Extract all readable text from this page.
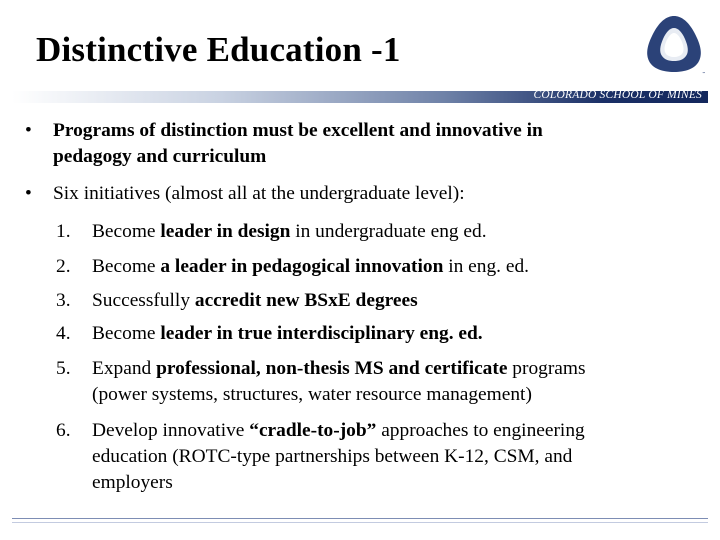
Distinctive Education -1
™
COLORADO SCHOOL OF MINES
• Programs of distinction must be excellent and innovative in
pedagogy and curriculum
• Six initiatives (almost all at the undergraduate level):
1. Become leader in design in undergraduate eng ed.
2. Become a leader in pedagogical innovation in eng. ed.
3. Successfully accredit new BSxE degrees
4. Become leader in true interdisciplinary eng. ed.
5. Expand professional, non-thesis MS and certificate programs
(power systems, structures, water resource management)
6. Develop innovative “cradle-to-job” approaches to engineering
education (ROTC-type partnerships between K-12, CSM, and
employers
